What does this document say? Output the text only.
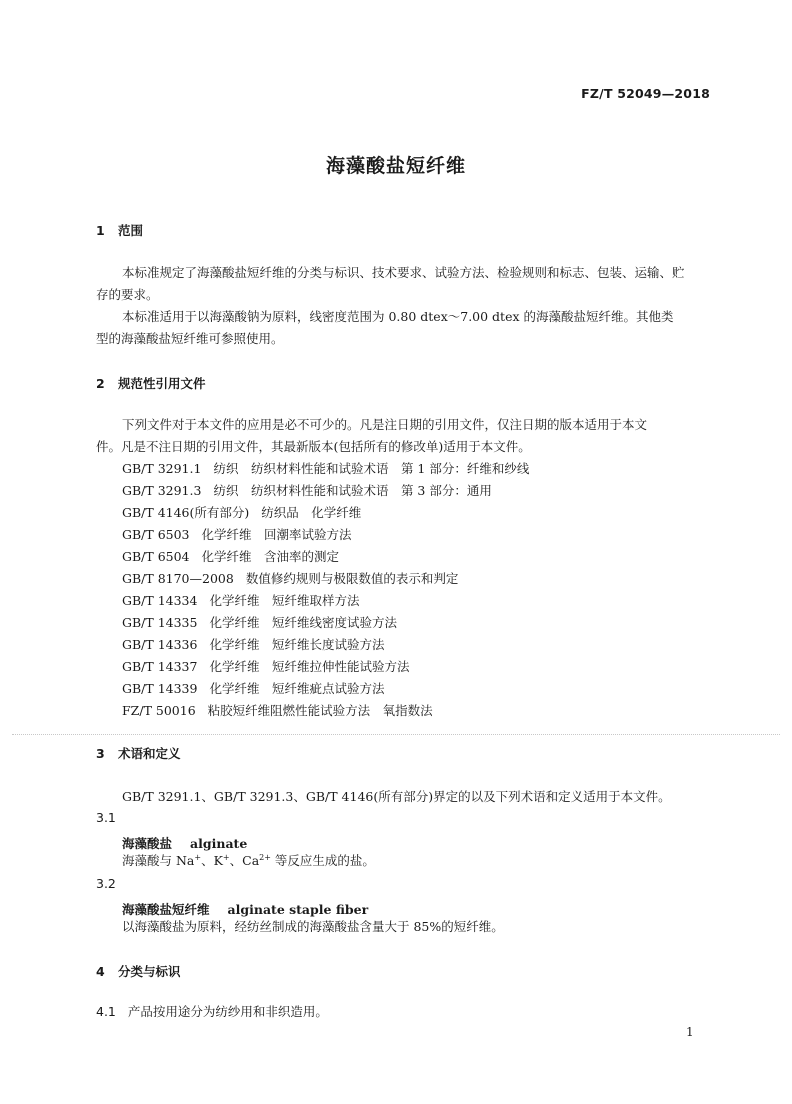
FZ/T 52049—2018
海藻酸盐短纤维
1 范围
本标准规定了海藻酸盐短纤维的分类与标识、技术要求、试验方法、检验规则和标志、包装、运输、贮
存的要求。
本标准适用于以海藻酸钠为原料，线密度范围为 0.80 dtex～7.00 dtex 的海藻酸盐短纤维。其他类
型的海藻酸盐短纤维可参照使用。
2 规范性引用文件
下列文件对于本文件的应用是必不可少的。凡是注日期的引用文件，仅注日期的版本适用于本文
件。凡是不注日期的引用文件，其最新版本(包括所有的修改单)适用于本文件。
GB/T 3291.1 纺织　纺织材料性能和试验术语　第 1 部分：纤维和纱线
GB/T 3291.3 纺织　纺织材料性能和试验术语　第 3 部分：通用
GB/T 4146(所有部分) 纺织品　化学纤维
GB/T 6503 化学纤维　回潮率试验方法
GB/T 6504 化学纤维　含油率的测定
GB/T 8170—2008 数值修约规则与极限数值的表示和判定
GB/T 14334 化学纤维　短纤维取样方法
GB/T 14335 化学纤维　短纤维线密度试验方法
GB/T 14336 化学纤维　短纤维长度试验方法
GB/T 14337 化学纤维　短纤维拉伸性能试验方法
GB/T 14339 化学纤维　短纤维疵点试验方法
FZ/T 50016 粘胶短纤维阻燃性能试验方法　氧指数法
3 术语和定义
GB/T 3291.1、GB/T 3291.3、GB/T 4146(所有部分)界定的以及下列术语和定义适用于本文件。
3.1
海藻酸盐 alginate
海藻酸与 Na+、K+、$Ca^{2+}$ 等反应生成的盐。
3.2
海藻酸盐短纤维 alginate staple fiber
以海藻酸盐为原料，经纺丝制成的海藻酸盐含量大于 85%的短纤维。
4 分类与标识
4.1 产品按用途分为纺纱用和非织造用。
1
